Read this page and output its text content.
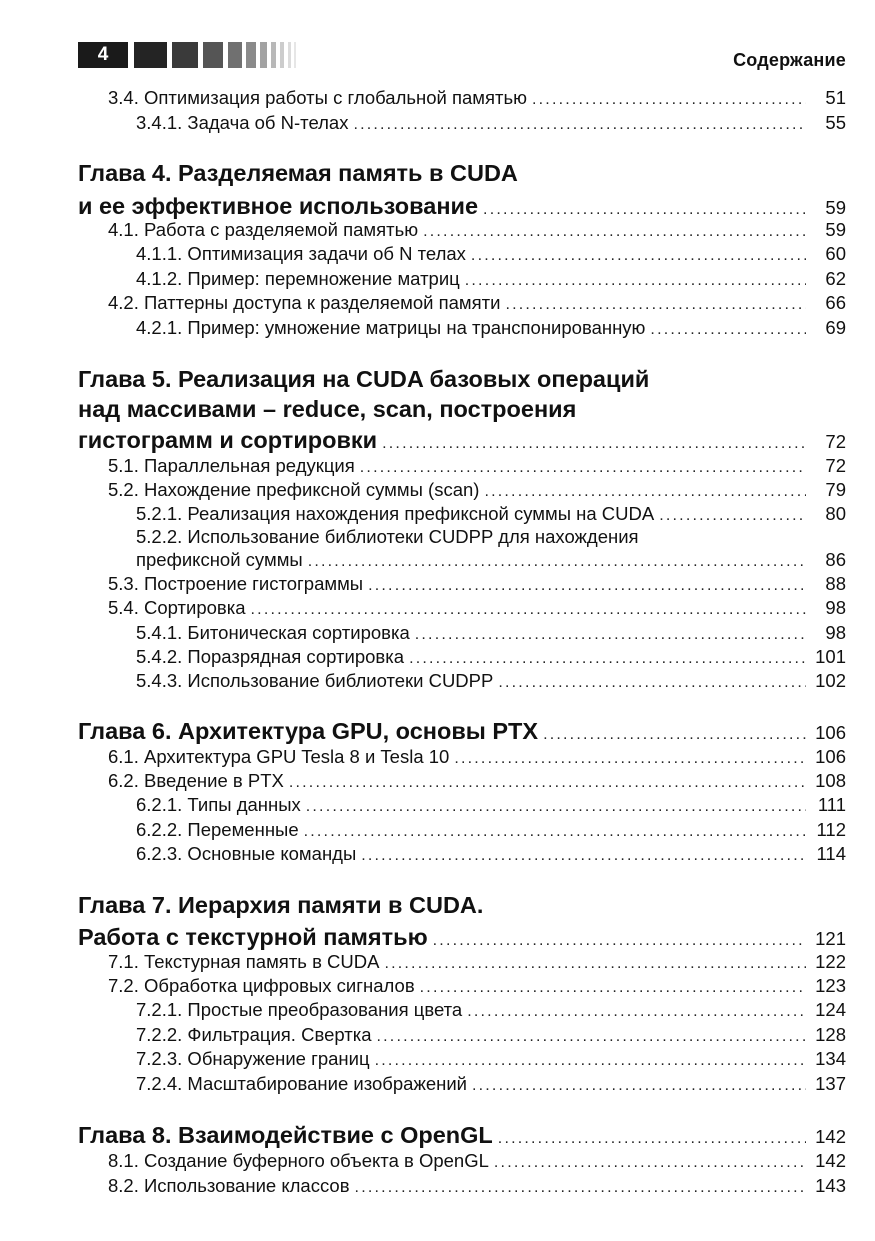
4	Содержание
3.4. Оптимизация работы с глобальной памятью .....	51
3.4.1. Задача об N-телах .....	55
Глава 4. Разделяемая память в CUDA
и ее эффективное использование .....	59
4.1. Работа с разделяемой памятью .....	59
4.1.1. Оптимизация задачи об N телах .....	60
4.1.2. Пример: перемножение матриц .....	62
4.2. Паттерны доступа к разделяемой памяти .....	66
4.2.1. Пример: умножение матрицы на транспонированную .....	69
Глава 5. Реализация на CUDA базовых операций
над массивами – reduce, scan, построения
гистограмм и сортировки .....	72
5.1. Параллельная редукция .....	72
5.2. Нахождение префиксной суммы (scan) .....	79
5.2.1. Реализация нахождения префиксной суммы на CUDA .....	80
5.2.2. Использование библиотеки CUDPP для нахождения
префиксной суммы .....	86
5.3. Построение гистограммы .....	88
5.4. Сортировка .....	98
5.4.1. Битоническая сортировка .....	98
5.4.2. Поразрядная сортировка .....	101
5.4.3. Использование библиотеки CUDPP .....	102
Глава 6. Архитектура GPU, основы PTX .....	106
6.1. Архитектура GPU Tesla 8 и Tesla 10 .....	106
6.2. Введение в PTX .....	108
6.2.1. Типы данных .....	111
6.2.2. Переменные .....	112
6.2.3. Основные команды .....	114
Глава 7. Иерархия памяти в CUDA.
Работа с текстурной памятью .....	121
7.1. Текстурная память в CUDA .....	122
7.2. Обработка цифровых сигналов .....	123
7.2.1. Простые преобразования цвета .....	124
7.2.2. Фильтрация. Свертка .....	128
7.2.3. Обнаружение границ .....	134
7.2.4. Масштабирование изображений .....	137
Глава 8. Взаимодействие с OpenGL .....	142
8.1. Создание буферного объекта в OpenGL .....	142
8.2. Использование классов .....	143
